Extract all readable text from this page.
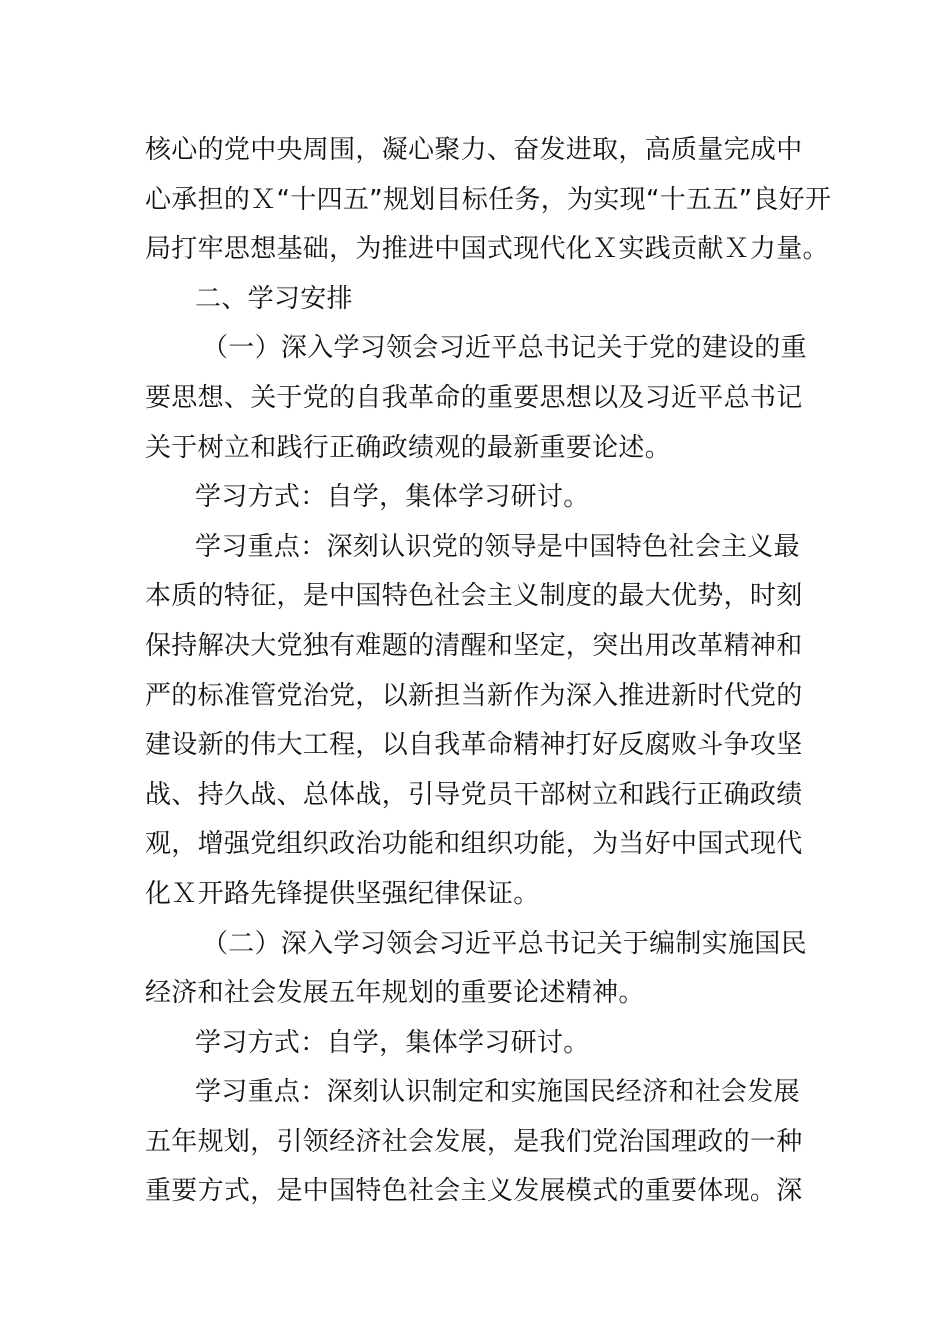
核心的党中央周围，凝心聚力、奋发进取，高质量完成中
心承担的Ｘ“十四五”规划目标任务，为实现“十五五”良好开
局打牢思想基础，为推进中国式现代化Ｘ实践贡献Ｘ力量。
二、学习安排
（一）深入学习领会习近平总书记关于党的建设的重
要思想、关于党的自我革命的重要思想以及习近平总书记
关于树立和践行正确政绩观的最新重要论述。
学习方式：自学，集体学习研讨。
学习重点：深刻认识党的领导是中国特色社会主义最
本质的特征，是中国特色社会主义制度的最大优势，时刻
保持解决大党独有难题的清醒和坚定，突出用改革精神和
严的标准管党治党，以新担当新作为深入推进新时代党的
建设新的伟大工程，以自我革命精神打好反腐败斗争攻坚
战、持久战、总体战，引导党员干部树立和践行正确政绩
观，增强党组织政治功能和组织功能，为当好中国式现代
化Ｘ开路先锋提供坚强纪律保证。
（二）深入学习领会习近平总书记关于编制实施国民
经济和社会发展五年规划的重要论述精神。
学习方式：自学，集体学习研讨。
学习重点：深刻认识制定和实施国民经济和社会发展
五年规划，引领经济社会发展，是我们党治国理政的一种
重要方式，是中国特色社会主义发展模式的重要体现。深
